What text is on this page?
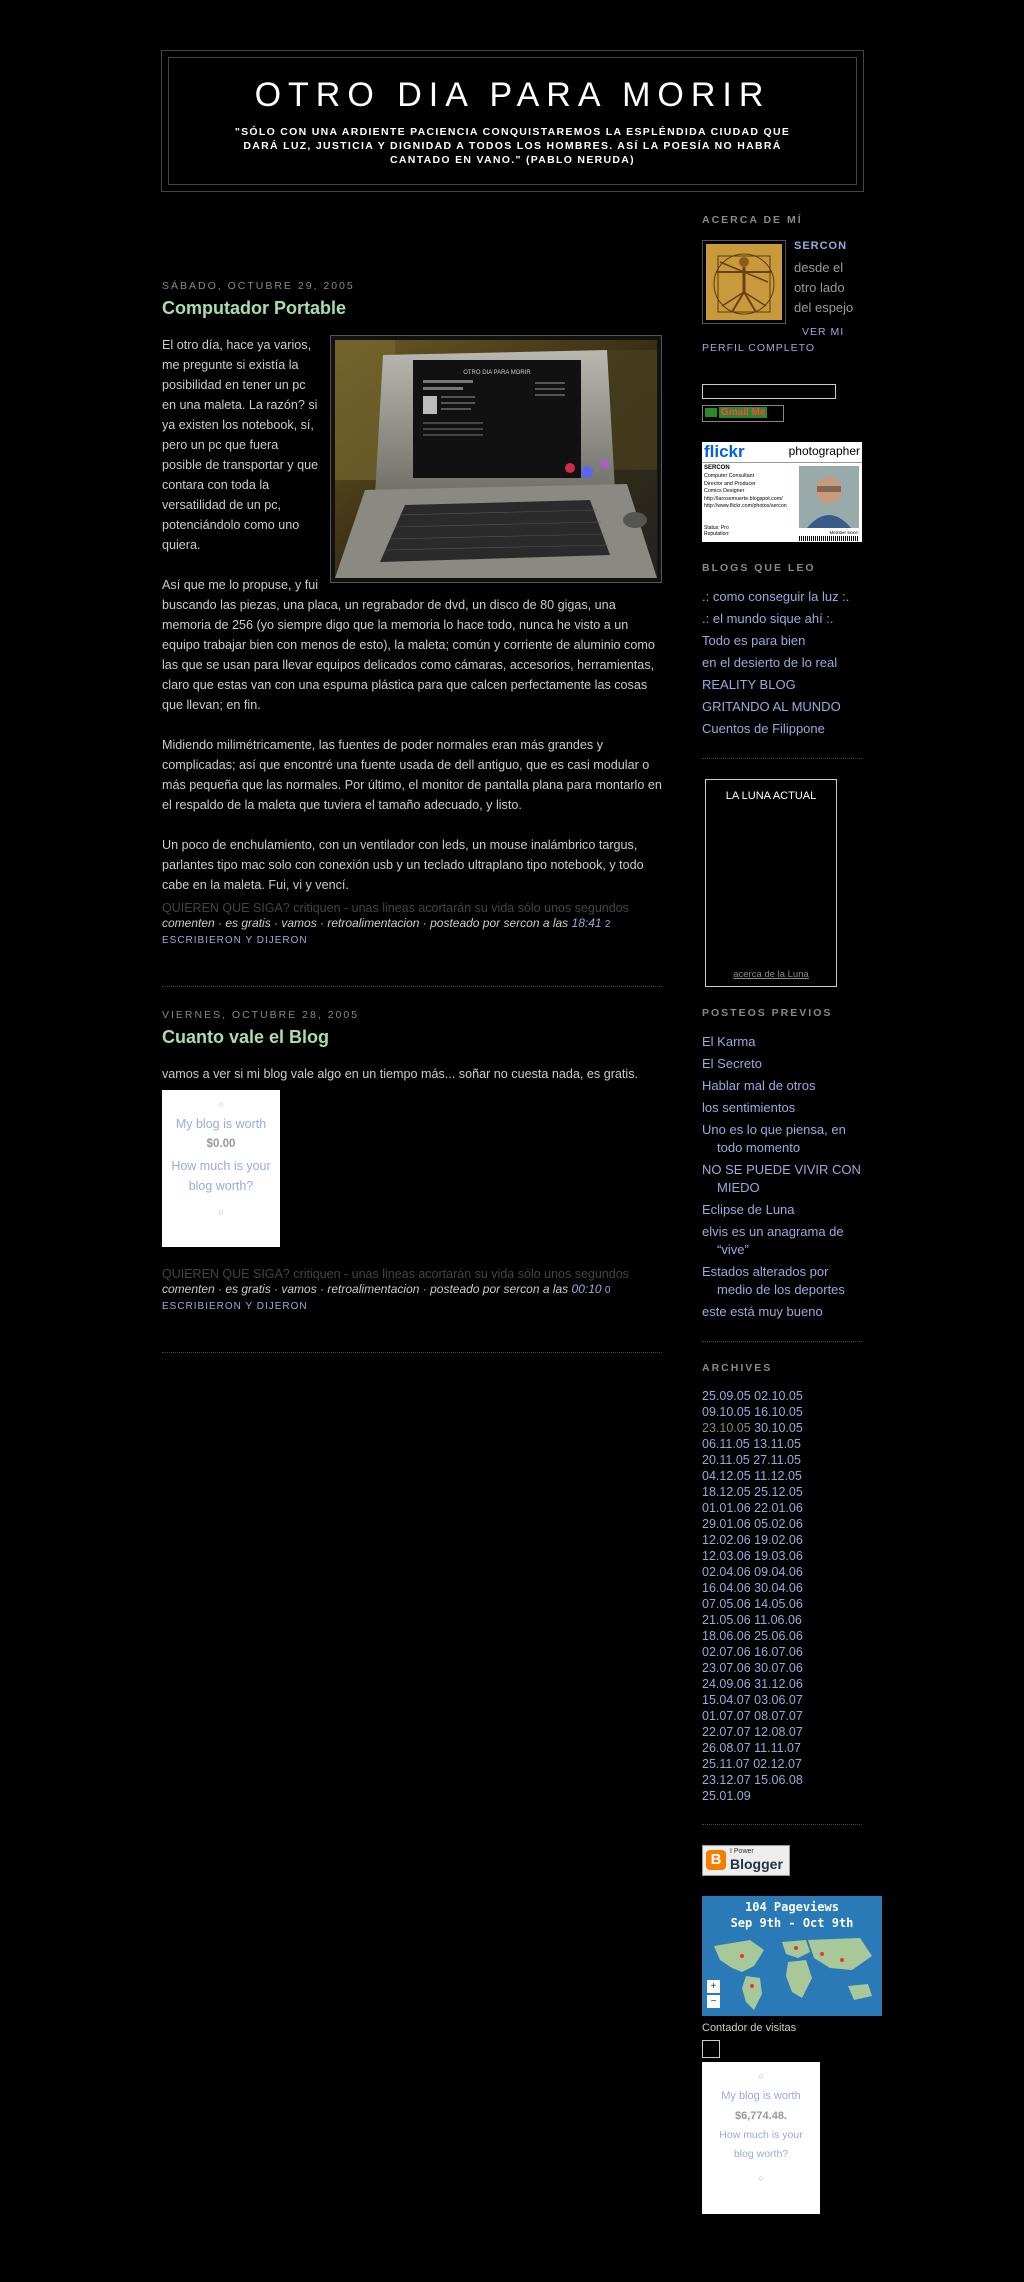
OTRO DIA PARA MORIR

"SÓLO CON UNA ARDIENTE PACIENCIA CONQUISTAREMOS LA ESPLÉNDIDA CIUDAD QUE DARÁ LUZ, JUSTICIA Y DIGNIDAD A TODOS LOS HOMBRES. ASÍ LA POESÍA NO HABRÁ CANTADO EN VANO." (PABLO NERUDA)

SÁBADO, OCTUBRE 29, 2005
Computador Portable
OTRO DIA PARA MORIR

El otro día, hace ya varios, me pregunte si existía la posibilidad en tener un pc en una maleta. La razón? si ya existen los notebook, sí, pero un pc que fuera posible de transportar y que contara con toda la versatilidad de un pc, potenciándolo como uno quiera.

Así que me lo propuse, y fui buscando las piezas, una placa, un regrabador de dvd, un disco de 80 gigas, una memoria de 256 (yo siempre digo que la memoria lo hace todo, nunca he visto a un equipo trabajar bien con menos de esto), la maleta; común y corriente de aluminio como las que se usan para llevar equipos delicados como cámaras, accesorios, herramientas, claro que estas van con una espuma plástica para que calcen perfectamente las cosas que llevan; en fin.

Midiendo milimétricamente, las fuentes de poder normales eran más grandes y complicadas; así que encontré una fuente usada de dell antiguo, que es casi modular o más pequeña que las normales. Por último, el monitor de pantalla plana para montarlo en el respaldo de la maleta que tuviera el tamaño adecuado, y listo.

Un poco de enchulamiento, con un ventilador con leds, un mouse inalámbrico targus, parlantes tipo mac solo con conexión usb y un teclado ultraplano tipo notebook, y todo cabe en la maleta. Fui, vi y vencí.

QUIEREN QUE SIGA? critiquen - unas lineas acortarán su vida sólo unos segundos
comenten · es gratis · vamos · retroalimentacion · posteado por sercon a las 18:41 2 ESCRIBIERON Y DIJERON
VIERNES, OCTUBRE 28, 2005
Cuanto vale el Blog

vamos a ver si mi blog vale algo en un tiempo más... soñar no cuesta nada, es gratis.

○
My blog is worth
$0.00
How much is your blog worth?
○
QUIEREN QUE SIGA? critiquen - unas lineas acortarán su vida sólo unos segundos
comenten · es gratis · vamos · retroalimentacion · posteado por sercon a las 00:10 0 ESCRIBIERON Y DIJERON
ACERCA DE MÍ
SERCON
desde el otro lado del espejo
VER MI PERFIL COMPLETO
Gmail Me
flickr	photographer
SERCON
Computer Consultant
Director and Producer
Comics Designer
http://larosemuerte.blogspot.com/
http://www.flickr.com/photos/sercon
Status: Pro
Reputation:	Member since:
BLOGS QUE LEO
.: como conseguir la luz :.
.: el mundo sique ahí :.
Todo es para bien
en el desierto de lo real
REALITY BLOG
GRITANDO AL MUNDO
Cuentos de Filippone
LA LUNA ACTUAL
acerca de la Luna
POSTEOS PREVIOS
El Karma
El Secreto
Hablar mal de otros
los sentimientos
Uno es lo que piensa, en todo momento
NO SE PUEDE VIVIR CON MIEDO
Eclipse de Luna
elvis es un anagrama de “vive”
Estados alterados por medio de los deportes
este está muy bueno
ARCHIVES
25.09.05 02.10.05
09.10.05 16.10.05
23.10.05 30.10.05
06.11.05 13.11.05
20.11.05 27.11.05
04.12.05 11.12.05
18.12.05 25.12.05
01.01.06 22.01.06
29.01.06 05.02.06
12.02.06 19.02.06
12.03.06 19.03.06
02.04.06 09.04.06
16.04.06 30.04.06
07.05.06 14.05.06
21.05.06 11.06.06
18.06.06 25.06.06
02.07.06 16.07.06
23.07.06 30.07.06
24.09.06 31.12.06
15.04.07 03.06.07
01.07.07 08.07.07
22.07.07 12.08.07
26.08.07 11.11.07
25.11.07 02.12.07
23.12.07 15.06.08
25.01.09
B	I Power
Blogger
104 Pageviews
Sep 9th - Oct 9th
+
−
Contador de visitas
○
My blog is worth
$6,774.48.
How much is your blog worth?
○
